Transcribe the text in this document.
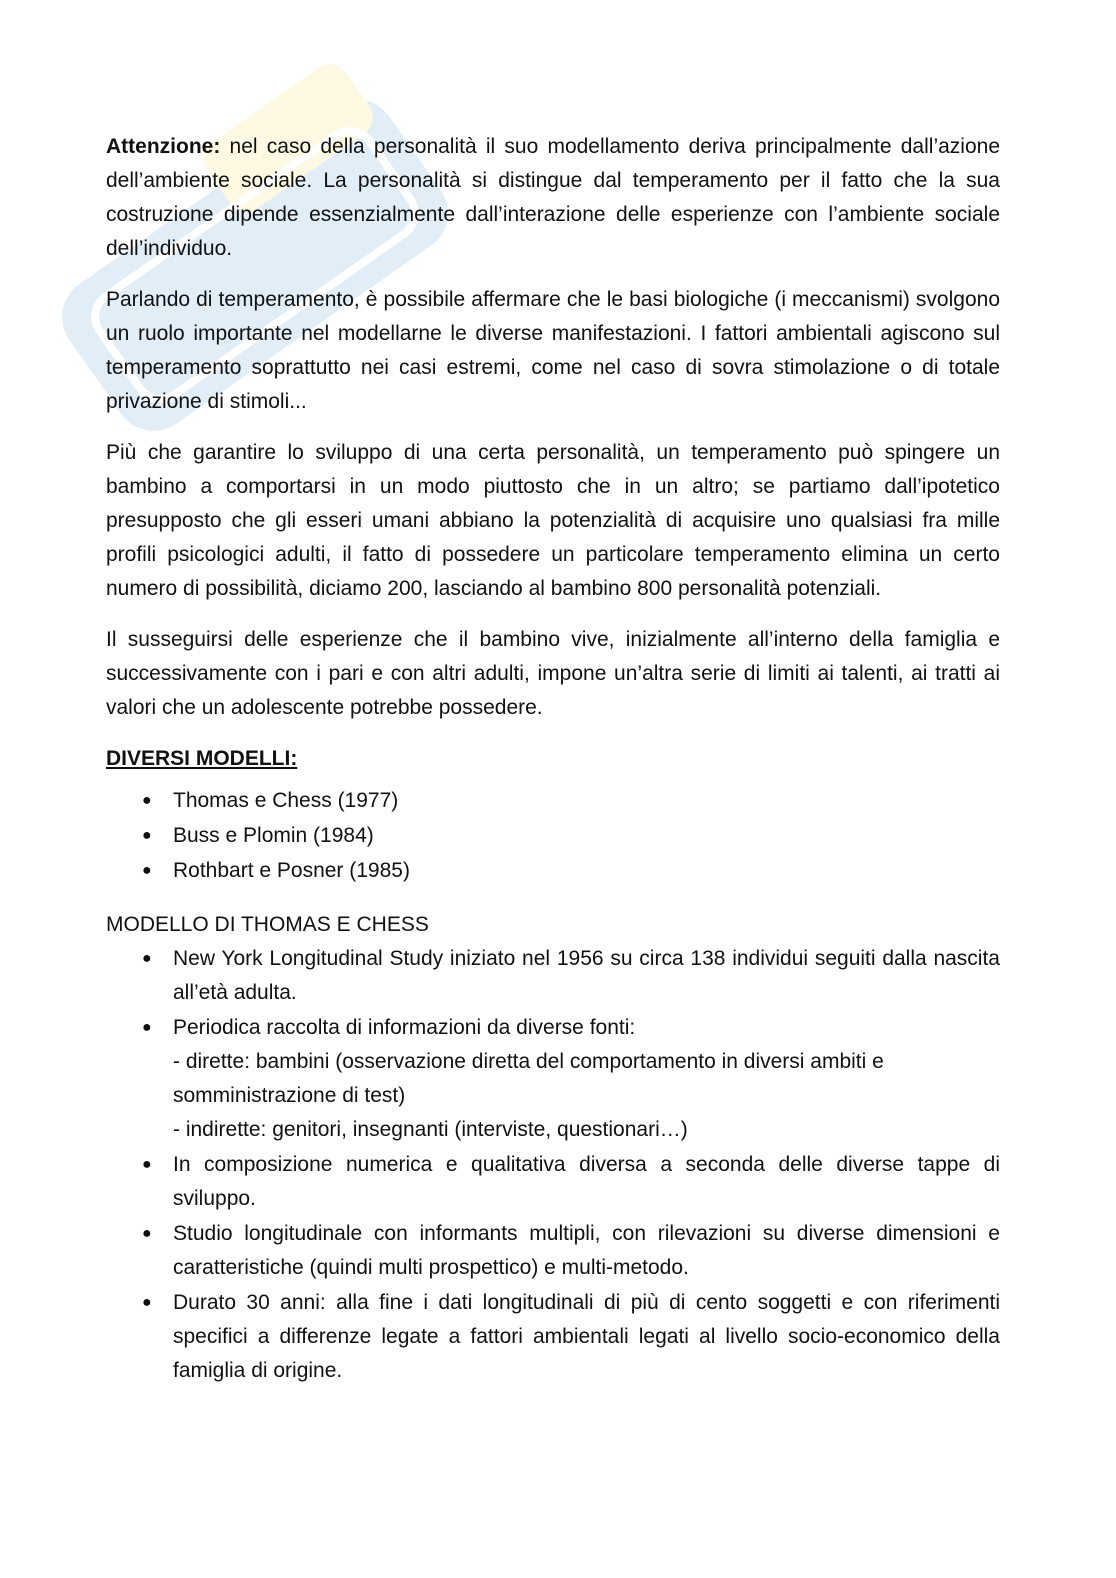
Attenzione: nel caso della personalità il suo modellamento deriva principalmente dall’azione dell’ambiente sociale. La personalità si distingue dal temperamento per il fatto che la sua costruzione dipende essenzialmente dall’interazione delle esperienze con l’ambiente sociale dell’individuo.

Parlando di temperamento, è possibile affermare che le basi biologiche (i meccanismi) svolgono un ruolo importante nel modellarne le diverse manifestazioni. I fattori ambientali agiscono sul temperamento soprattutto nei casi estremi, come nel caso di sovra stimolazione o di totale privazione di stimoli...

Più che garantire lo sviluppo di una certa personalità, un temperamento può spingere un bambino a comportarsi in un modo piuttosto che in un altro; se partiamo dall’ipotetico presupposto che gli esseri umani abbiano la potenzialità di acquisire uno qualsiasi fra mille profili psicologici adulti, il fatto di possedere un particolare temperamento elimina un certo numero di possibilità, diciamo 200, lasciando al bambino 800 personalità potenziali.

Il susseguirsi delle esperienze che il bambino vive, inizialmente all’interno della famiglia e successivamente con i pari e con altri adulti, impone un’altra serie di limiti ai talenti, ai tratti ai valori che un adolescente potrebbe possedere.

DIVERSI MODELLI:

● Thomas e Chess (1977)
● Buss e Plomin (1984)
● Rothbart e Posner (1985)

MODELLO DI THOMAS E CHESS

● New York Longitudinal Study iniziato nel 1956 su circa 138 individui seguiti dalla nascita all’età adulta.
● Periodica raccolta di informazioni da diverse fonti:
- dirette: bambini (osservazione diretta del comportamento in diversi ambiti e somministrazione di test)
- indirette: genitori, insegnanti (interviste, questionari…)
● In composizione numerica e qualitativa diversa a seconda delle diverse tappe di sviluppo.
● Studio longitudinale con informants multipli, con rilevazioni su diverse dimensioni e caratteristiche (quindi multi prospettico) e multi-metodo.
● Durato 30 anni: alla fine i dati longitudinali di più di cento soggetti e con riferimenti specifici a differenze legate a fattori ambientali legati al livello socio-economico della famiglia di origine.
